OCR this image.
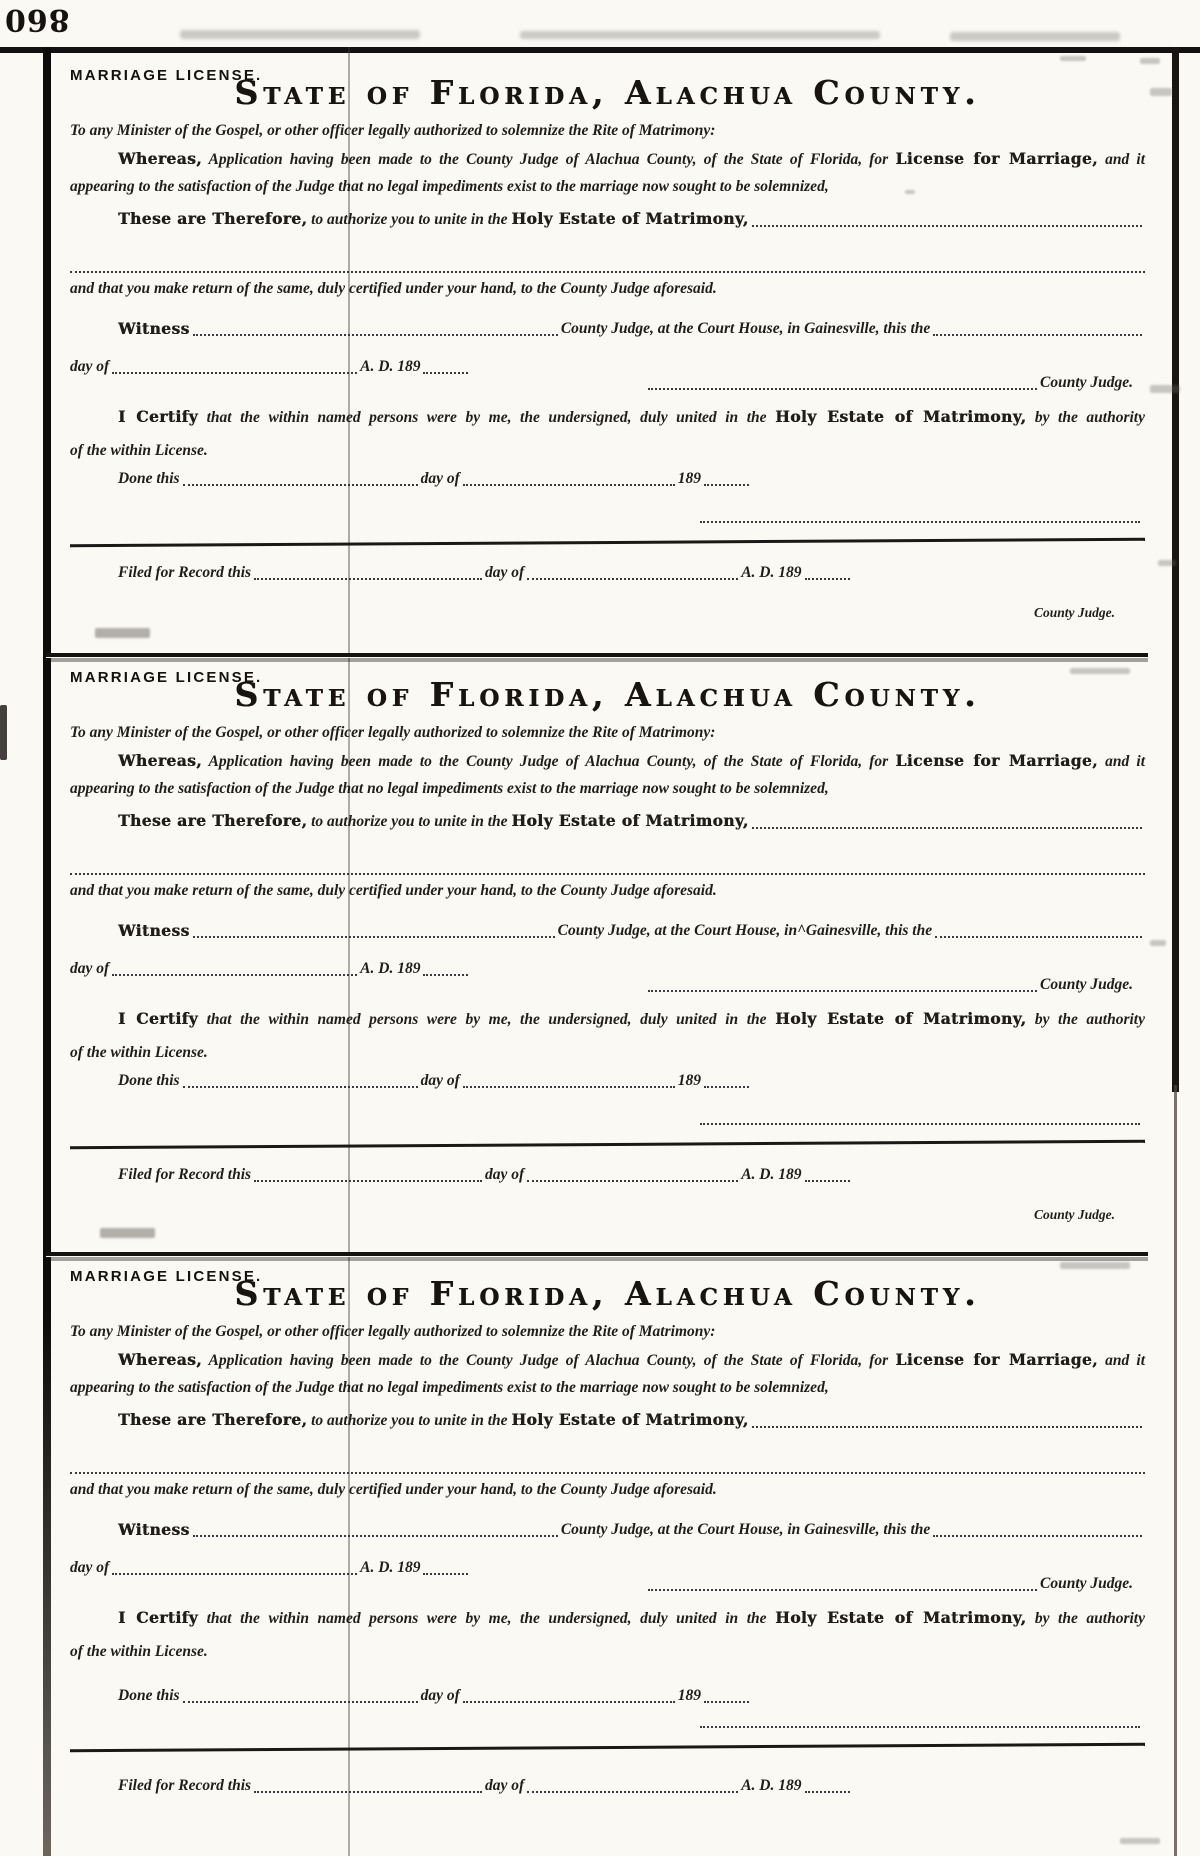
860
MARRIAGE LICENSE.
State of Florida, Alachua County.
To any Minister of the Gospel, or other officer legally authorized to solemnize the Rite of Matrimony:
Whereas, Application having been made to the County Judge of Alachua County, of the State of Florida, for License for Marriage, and it
appearing to the satisfaction of the Judge that no legal impediments exist to the marriage now sought to be solemnized,
These are Therefore, to authorize you to unite in the Holy Estate of Matrimony,
and that you make return of the same, duly certified under your hand, to the County Judge aforesaid.
Witness	County Judge, at the Court House, in Gainesville, this the
day of	A. D. 189
County Judge.
I Certify that the within named persons were by me, the undersigned, duly united in the Holy Estate of Matrimony, by the authority
of the within License.
Done this	day of	189
Filed for Record this	day of	A. D. 189
County Judge.
MARRIAGE LICENSE.
State of Florida, Alachua County.
To any Minister of the Gospel, or other officer legally authorized to solemnize the Rite of Matrimony:
Whereas, Application having been made to the County Judge of Alachua County, of the State of Florida, for License for Marriage, and it
appearing to the satisfaction of the Judge that no legal impediments exist to the marriage now sought to be solemnized,
These are Therefore, to authorize you to unite in the Holy Estate of Matrimony,
and that you make return of the same, duly certified under your hand, to the County Judge aforesaid.
Witness	County Judge, at the Court House, in^Gainesville, this the
day of	A. D. 189
County Judge.
I Certify that the within named persons were by me, the undersigned, duly united in the Holy Estate of Matrimony, by the authority
of the within License.
Done this	day of	189
Filed for Record this	day of	A. D. 189
County Judge.
MARRIAGE LICENSE.
State of Florida, Alachua County.
To any Minister of the Gospel, or other officer legally authorized to solemnize the Rite of Matrimony:
Whereas, Application having been made to the County Judge of Alachua County, of the State of Florida, for License for Marriage, and it
appearing to the satisfaction of the Judge that no legal impediments exist to the marriage now sought to be solemnized,
These are Therefore, to authorize you to unite in the Holy Estate of Matrimony,
and that you make return of the same, duly certified under your hand, to the County Judge aforesaid.
Witness	County Judge, at the Court House, in Gainesville, this the
day of	A. D. 189
County Judge.
I Certify that the within named persons were by me, the undersigned, duly united in the Holy Estate of Matrimony, by the authority
of the within License.
Done this	day of	189
Filed for Record this	day of	A. D. 189
